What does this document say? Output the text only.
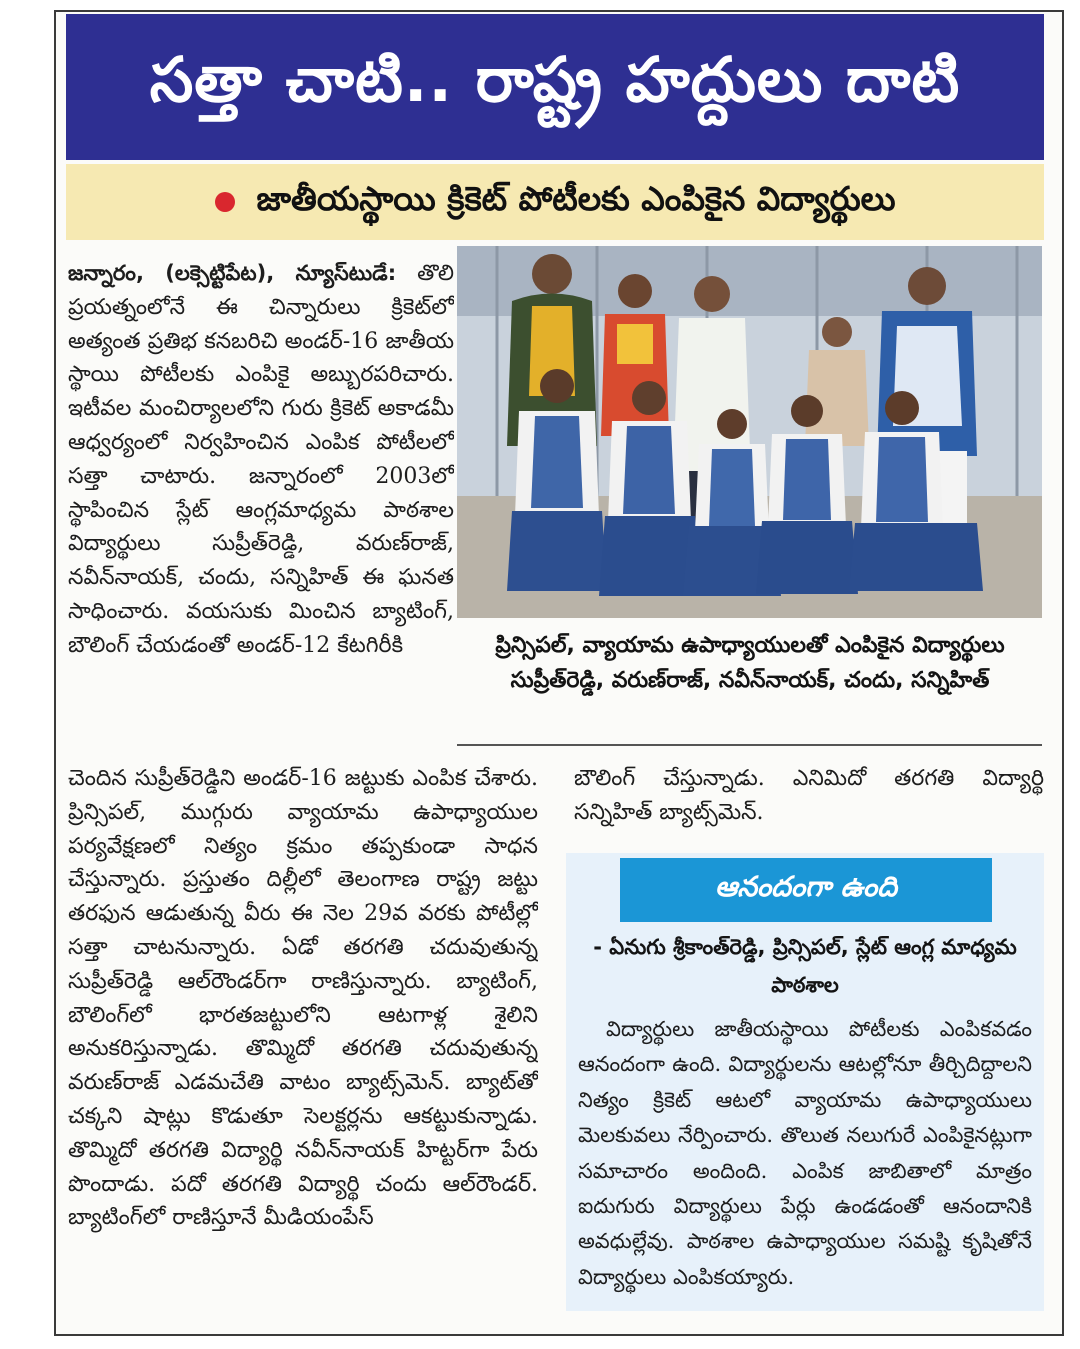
సత్తా చాటి.. రాష్ట్ర హద్దులు దాటి
జాతీయస్థాయి క్రికెట్ పోటీలకు ఎంపికైన విద్యార్థులు
జన్నారం, (లక్సెట్టిపేట), న్యూస్‌టుడే: తొలి ప్రయత్నంలోనే ఈ చిన్నారులు క్రికెట్‌లో అత్యంత ప్రతిభ కనబరిచి అండర్-16 జాతీయ స్థాయి పోటీలకు ఎంపికై అబ్బురపరిచారు. ఇటీవల మంచిర్యాలలోని గురు క్రికెట్ అకాడమీ ఆధ్వర్యంలో నిర్వహించిన ఎంపిక పోటీలలో సత్తా చాటారు. జన్నారంలో 2003లో స్థాపించిన స్లేట్ ఆంగ్లమాధ్యమ పాఠశాల విద్యార్థులు సుప్రీత్‌రెడ్డి, వరుణ్‌రాజ్, నవీన్‌నాయక్, చందు, సన్నిహిత్ ఈ ఘనత సాధించారు. వయసుకు మించిన బ్యాటింగ్, బౌలింగ్ చేయడంతో అండర్-12 కేటగిరీకి	ప్రిన్సిపల్, వ్యాయామ ఉపాధ్యాయులతో ఎంపికైన విద్యార్థులు సుప్రీత్‌రెడ్డి, వరుణ్‌రాజ్, నవీన్‌నాయక్, చందు, సన్నిహిత్
చెందిన సుప్రీత్‌రెడ్డిని అండర్-16 జట్టుకు ఎంపిక చేశారు. ప్రిన్సిపల్, ముగ్గురు వ్యాయామ ఉపాధ్యాయుల పర్యవేక్షణలో నిత్యం క్రమం తప్పకుండా సాధన చేస్తున్నారు. ప్రస్తుతం దిల్లీలో తెలంగాణ రాష్ట్ర జట్టు తరఫున ఆడుతున్న వీరు ఈ నెల 29వ వరకు పోటీల్లో సత్తా చాటనున్నారు. ఏడో తరగతి చదువుతున్న సుప్రీత్‌రెడ్డి ఆల్‌రౌండర్‌గా రాణిస్తున్నారు. బ్యాటింగ్, బౌలింగ్‌లో భారతజట్టులోని ఆటగాళ్ల శైలిని అనుకరిస్తున్నాడు. తొమ్మిదో తరగతి చదువుతున్న వరుణ్‌రాజ్ ఎడమచేతి వాటం బ్యాట్స్‌మెన్. బ్యాట్‌తో చక్కని షాట్లు కొడుతూ సెలక్టర్లను ఆకట్టుకున్నాడు. తొమ్మిదో తరగతి విద్యార్థి నవీన్‌నాయక్ హిట్టర్‌గా పేరు పొందాడు. పదో తరగతి విద్యార్థి చందు ఆల్‌రౌండర్. బ్యాటింగ్‌లో రాణిస్తూనే మీడియంపేస్
బౌలింగ్ చేస్తున్నాడు. ఎనిమిదో తరగతి విద్యార్థి సన్నిహిత్ బ్యాట్స్‌మెన్.
ఆనందంగా ఉంది
- ఏనుగు శ్రీకాంత్‌రెడ్డి, ప్రిన్సిపల్, స్లేట్ ఆంగ్ల మాధ్యమ పాఠశాల
విద్యార్థులు జాతీయస్థాయి పోటీలకు ఎంపికవడం ఆనందంగా ఉంది. విద్యార్థులను ఆటల్లోనూ తీర్చిదిద్దాలని నిత్యం క్రికెట్ ఆటలో వ్యాయామ ఉపాధ్యాయులు మెలకువలు నేర్పించారు. తొలుత నలుగురే ఎంపికైనట్లుగా సమాచారం అందింది. ఎంపిక జాబితాలో మాత్రం ఐదుగురు విద్యార్థులు పేర్లు ఉండడంతో ఆనందానికి అవధుల్లేవు. పాఠశాల ఉపాధ్యాయుల సమష్టి కృషితోనే విద్యార్థులు ఎంపికయ్యారు.
